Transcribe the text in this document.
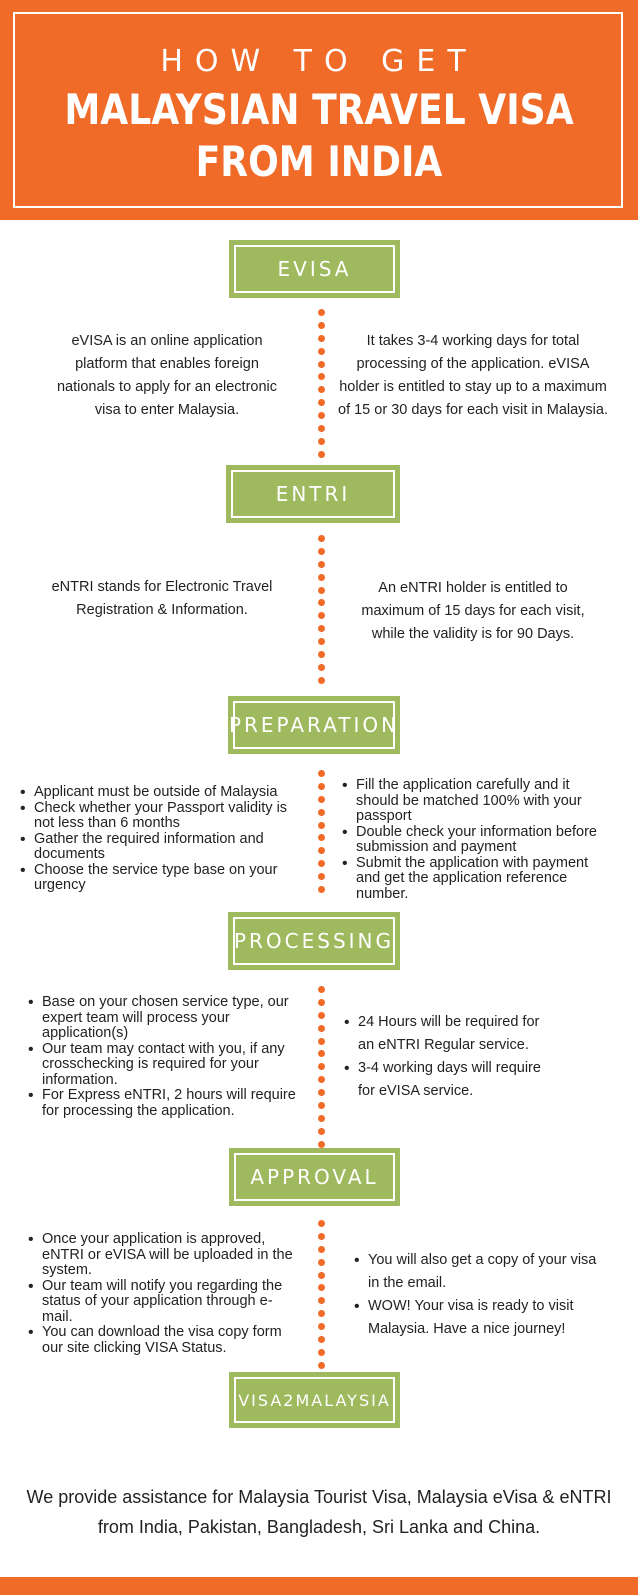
HOW TO GET
MALAYSIAN TRAVEL VISA
FROM INDIA
EVISA
eVISA is an online application platform that enables foreign nationals to apply for an electronic visa to enter Malaysia.
It takes 3-4 working days for total processing of the application. eVISA holder is entitled to stay up to a maximum of 15 or 30 days for each visit in Malaysia.
ENTRI
eNTRI stands for Electronic Travel Registration & Information.
An eNTRI holder is entitled to maximum of 15 days for each visit, while the validity is for 90 Days.
PREPARATION
• Applicant must be outside of Malaysia
• Check whether your Passport validity is not less than 6 months
• Gather the required information and documents
• Choose the service type base on your urgency
• Fill the application carefully and it should be matched 100% with your passport
• Double check your information before submission and payment
• Submit the application with payment and get the application reference number.
PROCESSING
• Base on your chosen service type, our expert team will process your application(s)
• Our team may contact with you, if any crosschecking is required for your information.
• For Express eNTRI, 2 hours will require for processing the application.
• 24 Hours will be required for an eNTRI Regular service.
• 3-4 working days will require for eVISA service.
APPROVAL
• Once your application is approved, eNTRI or eVISA will be uploaded in the system.
• Our team will notify you regarding the status of your application through e-mail.
• You can download the visa copy form our site clicking VISA Status.
• You will also get a copy of your visa in the email.
• WOW! Your visa is ready to visit Malaysia. Have a nice journey!
VISA2MALAYSIA
We provide assistance for Malaysia Tourist Visa, Malaysia eVisa & eNTRI from India, Pakistan, Bangladesh, Sri Lanka and China.
